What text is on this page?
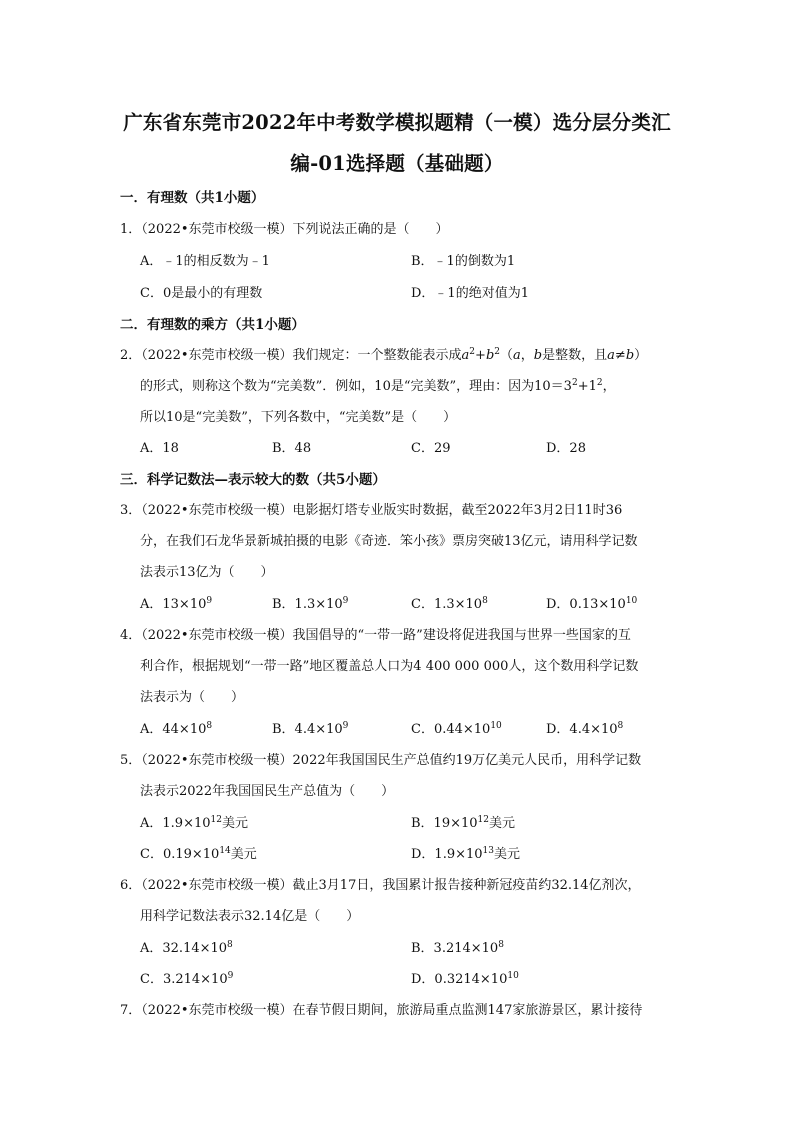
广东省东莞市2022年中考数学模拟题精（一模）选分层分类汇
编-01选择题（基础题）
一．有理数（共1小题）
1．（2022•东莞市校级一模）下列说法正确的是（　　）
A．﹣1的相反数为﹣1	B．﹣1的倒数为1
C．0是最小的有理数	D．﹣1的绝对值为1
二．有理数的乘方（共1小题）
2．（2022•东莞市校级一模）我们规定：一个整数能表示成$a^2+b^2(a$，b是整数，且a≠b）
的形式，则称这个数为“完美数”．例如，10是“完美数”，理由：因为$10=3^2+1^2$，
所以10是“完美数”，下列各数中，“完美数”是（　　）
A．18	B．48	C．29	D．28
三．科学记数法—表示较大的数（共5小题）
3．（2022•东莞市校级一模）电影据灯塔专业版实时数据，截至2022年3月2日11时36
分，在我们石龙华景新城拍摄的电影《奇迹．笨小孩》票房突破13亿元，请用科学记数
法表示13亿为（　　）
A．$13\times 10^9$	B．$1.3\times 10^9$	C．$1.3\times 10^8$	D．$0.13\times 10^{10}$
4．（2022•东莞市校级一模）我国倡导的“一带一路”建设将促进我国与世界一些国家的互
利合作，根据规划“一带一路”地区覆盖总人口为4 400 000 000人，这个数用科学记数
法表示为（　　）
A．$44\times 10^8$	B．$4.4\times 10^9$	C．$0.44\times 10^{10}$	D．$4.4\times 10^8$
5．（2022•东莞市校级一模）2022年我国国民生产总值约19万亿美元人民币，用科学记数
法表示2022年我国国民生产总值为（　　）
A．$1.9\times 10^{12}$美元	B．$19\times 10^{12}$美元
C．$0.19\times 10^{14}$美元	D．$1.9\times 10^{13}$美元
6．（2022•东莞市校级一模）截止3月17日，我国累计报告接种新冠疫苗约32.14亿剂次，
用科学记数法表示32.14亿是（　　）
A．$32.14\times 10^8$	B．$3.214\times 10^8$
C．$3.214\times 10^9$	D．$0.3214\times 10^{10}$
7．（2022•东莞市校级一模）在春节假日期间，旅游局重点监测147家旅游景区，累计接待
